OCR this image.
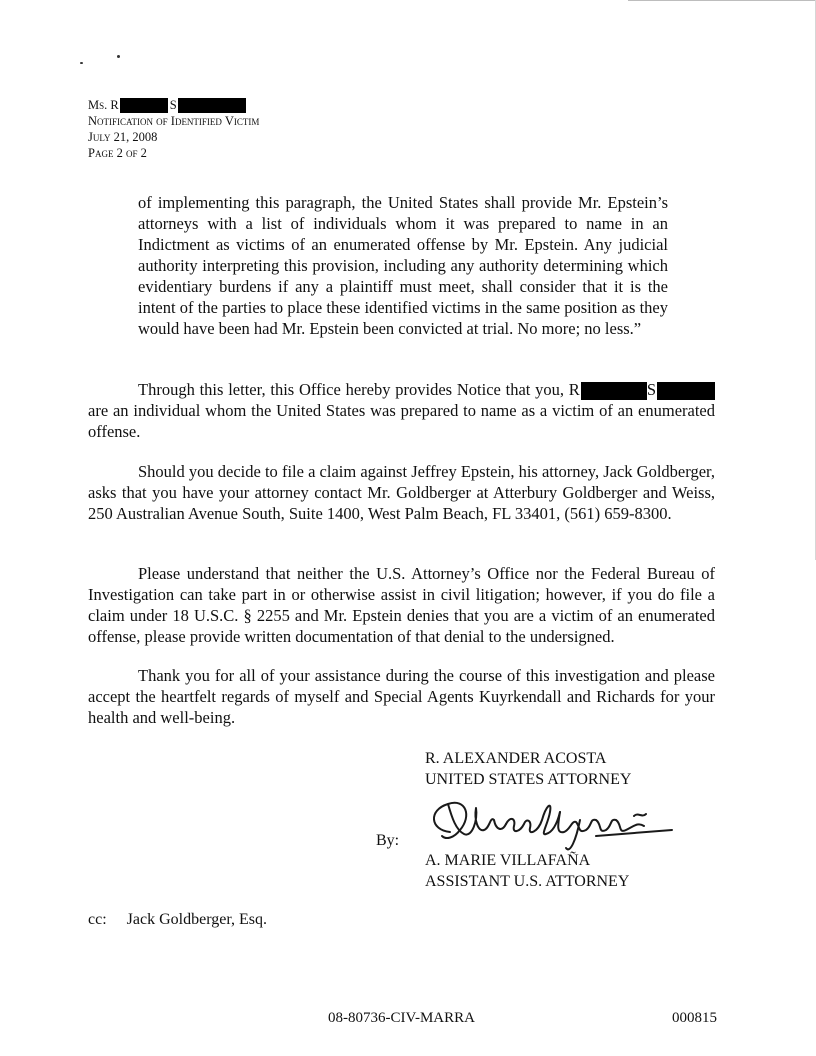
Ms. R	S
Notification of Identified Victim
July 21, 2008
Page 2 of 2
of implementing this paragraph, the United States shall provide Mr. Epstein’s attorneys with a list of individuals whom it was prepared to name in an Indictment as victims of an enumerated offense by Mr. Epstein. Any judicial authority interpreting this provision, including any authority determining which evidentiary burdens if any a plaintiff must meet, shall consider that it is the intent of the parties to place these identified victims in the same position as they would have been had Mr. Epstein been convicted at trial. No more; no less.”
Through this letter, this Office hereby provides Notice that you, R	S are an individual whom the United States was prepared to name as a victim of an enumerated offense.
Should you decide to file a claim against Jeffrey Epstein, his attorney, Jack Goldberger, asks that you have your attorney contact Mr. Goldberger at Atterbury Goldberger and Weiss, 250 Australian Avenue South, Suite 1400, West Palm Beach, FL 33401, (561) 659-8300.
Please understand that neither the U.S. Attorney’s Office nor the Federal Bureau of Investigation can take part in or otherwise assist in civil litigation; however, if you do file a claim under 18 U.S.C. § 2255 and Mr. Epstein denies that you are a victim of an enumerated offense, please provide written documentation of that denial to the undersigned.
Thank you for all of your assistance during the course of this investigation and please accept the heartfelt regards of myself and Special Agents Kuyrkendall and Richards for your health and well-being.
R. ALEXANDER ACOSTA
UNITED STATES ATTORNEY
By:
A. MARIE VILLAFAÑA
ASSISTANT U.S. ATTORNEY
cc: Jack Goldberger, Esq.
08-80736-CIV-MARRA	000815
